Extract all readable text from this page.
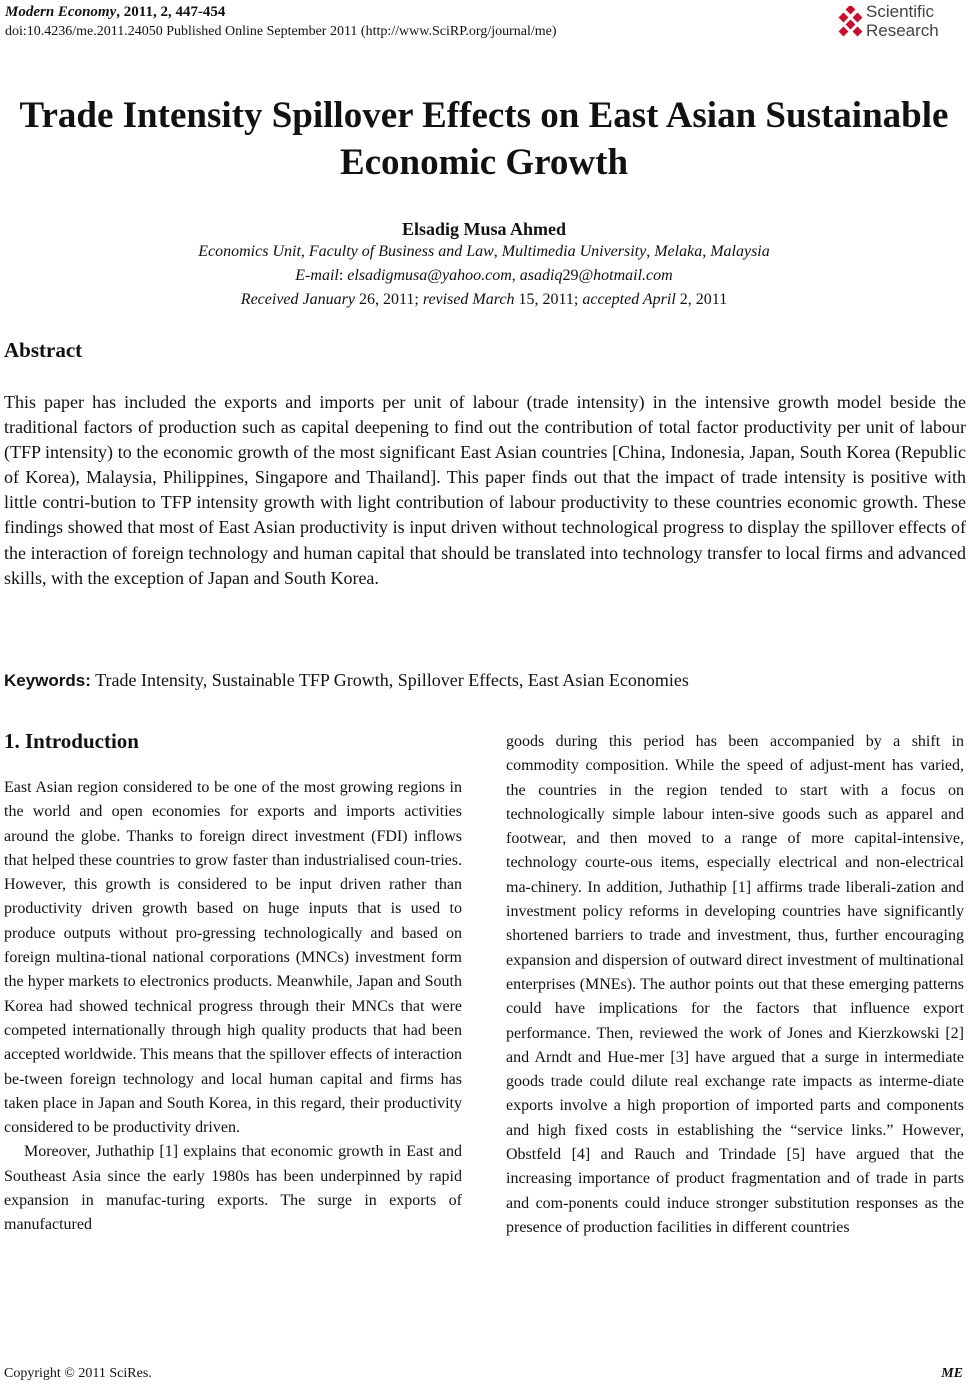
Modern Economy, 2011, 2, 447-454
doi:10.4236/me.2011.24050 Published Online September 2011 (http://www.SciRP.org/journal/me)
Scientific
Research
Trade Intensity Spillover Effects on East Asian Sustainable
Economic Growth
Elsadig Musa Ahmed
Economics Unit, Faculty of Business and Law, Multimedia University, Melaka, Malaysia
E-mail: elsadigmusa@yahoo.com, asadiq29@hotmail.com
Received January 26, 2011; revised March 15, 2011; accepted April 2, 2011
Abstract
This paper has included the exports and imports per unit of labour (trade intensity) in the intensive growth model beside the traditional factors of production such as capital deepening to find out the contribution of total factor productivity per unit of labour (TFP intensity) to the economic growth of the most significant East Asian countries [China, Indonesia, Japan, South Korea (Republic of Korea), Malaysia, Philippines, Singapore and Thailand]. This paper finds out that the impact of trade intensity is positive with little contri-bution to TFP intensity growth with light contribution of labour productivity to these countries economic growth. These findings showed that most of East Asian productivity is input driven without technological progress to display the spillover effects of the interaction of foreign technology and human capital that should be translated into technology transfer to local firms and advanced skills, with the exception of Japan and South Korea.
Keywords: Trade Intensity, Sustainable TFP Growth, Spillover Effects, East Asian Economies
1. Introduction

East Asian region considered to be one of the most growing regions in the world and open economies for exports and imports activities around the globe. Thanks to foreign direct investment (FDI) inflows that helped these countries to grow faster than industrialised coun-tries. However, this growth is considered to be input driven rather than productivity driven growth based on huge inputs that is used to produce outputs without pro-gressing technologically and based on foreign multina-tional national corporations (MNCs) investment form the hyper markets to electronics products. Meanwhile, Japan and South Korea had showed technical progress through their MNCs that were competed internationally through high quality products that had been accepted worldwide. This means that the spillover effects of interaction be-tween foreign technology and local human capital and firms has taken place in Japan and South Korea, in this regard, their productivity considered to be productivity driven.

Moreover, Juthathip [1] explains that economic growth in East and Southeast Asia since the early 1980s has been underpinned by rapid expansion in manufac-turing exports. The surge in exports of manufactured

goods during this period has been accompanied by a shift in commodity composition. While the speed of adjust-ment has varied, the countries in the region tended to start with a focus on technologically simple labour inten-sive goods such as apparel and footwear, and then moved to a range of more capital-intensive, technology courte-ous items, especially electrical and non-electrical ma-chinery. In addition, Juthathip [1] affirms trade liberali-zation and investment policy reforms in developing countries have significantly shortened barriers to trade and investment, thus, further encouraging expansion and dispersion of outward direct investment of multinational enterprises (MNEs). The author points out that these emerging patterns could have implications for the factors that influence export performance. Then, reviewed the work of Jones and Kierzkowski [2] and Arndt and Hue-mer [3] have argued that a surge in intermediate goods trade could dilute real exchange rate impacts as interme-diate exports involve a high proportion of imported parts and components and high fixed costs in establishing the “service links.” However, Obstfeld [4] and Rauch and Trindade [5] have argued that the increasing importance of product fragmentation and of trade in parts and com-ponents could induce stronger substitution responses as the presence of production facilities in different countries

Copyright © 2011 SciRes.	ME
